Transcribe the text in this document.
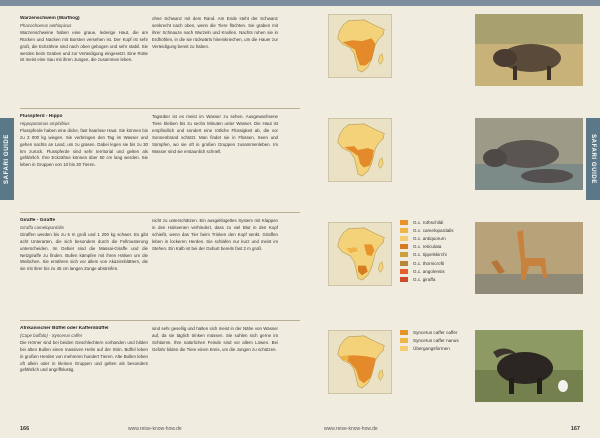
SAFARI GUIDE
Warzenschwein (Warthog)
Phacochoerus aethiopicus
Warzenschweine haben eine graue, lederige Haut, die am Rücken und Nacken mit Borsten versehen ist. Der Kopf ist sehr groß, die Eckzähne sind nach oben gebogen und sehr stabil. Sie werden beim Graben und zur Verteidigung eingesetzt. Eine Rotte ist meist eine Sau mit ihren Jungen, die zusammen leben.
ohne Schwanz mit dem Rand. Am Ende steht der Schwanz senkrecht nach oben, wenn die Tiere flüchten. Sie graben mit ihrer Schnauze nach Wurzeln und Knollen. Nachts ruhen sie in Erdhöhlen, in die sie rückwärts hineinkriechen, um die Hauer zur Verteidigung bereit zu haben.
Flusspferd - Hippo
Hippopotamus amphibius
Flusspferde haben eine dicke, fast haarlose Haut. Sie können bis zu 3 000 kg wiegen. Sie verbringen den Tag im Wasser und gehen nachts an Land, um zu grasen. Dabei legen sie bis zu 30 km zurück. Flusspferde sind sehr territorial und gelten als gefährlich. Ihre Eckzähne können über 50 cm lang werden. Sie leben in Gruppen von 10 bis 30 Tieren.
Tagsüber ist es meist im Wasser zu sehen. Ausgewachsene Tiere bleiben bis zu sechs Minuten unter Wasser. Die Haut ist empfindlich und sondert eine rötliche Flüssigkeit ab, die vor Sonnenbrand schützt. Man findet sie in Flüssen, Seen und Sümpfen, wo sie oft in großen Gruppen zusammenleben. Im Wasser sind sie erstaunlich schnell.
Giraffe - Giraffe
Giraffa camelopardalis
Giraffen werden bis zu 5 m groß und 1 200 kg schwer. Es gibt acht Unterarten, die sich besonders durch die Fellmusterung unterscheiden. Im Gebiet sind die Massai-Giraffe und die Netzgiraffe zu finden. Bullen kämpfen mit ihren Hälsen um die Weibchen. Sie ernähren sich vor allem von Akazienblättern, die sie mit ihrer bis zu 45 cm langen Zunge abstreifen.
nicht zu unterschätzen. Ein ausgeklügeltes System mit Klappen in den Halsvenen verhindert, dass zu viel Blut in den Kopf schießt, wenn das Tier beim Trinken den Kopf senkt. Giraffen leben in lockeren Herden. Sie schlafen nur kurz und meist im Stehen. Ein Kalb ist bei der Geburt bereits fast 2 m groß.
Afrikanischer Büffel oder Kaffernbüffel
(Cape buffalo) - Syncerus caffer
Die Hörner sind bei beiden Geschlechtern vorhanden und bilden bei alten Bullen einen massiven Helm auf der Stirn. Büffel leben in großen Herden von mehreren hundert Tieren. Alte Bullen leben oft allein oder in kleinen Gruppen und gelten als besonders gefährlich und angriffslustig.
sind sehr gesellig und halten sich meist in der Nähe von Wasser auf, da sie täglich trinken müssen. Sie suhlen sich gerne im Schlamm. Ihre natürlichen Feinde sind vor allem Löwen. Bei Gefahr bilden die Tiere einen Kreis, um die Jungen zu schützen.
166	www.reise-know-how.de
SAFARI GUIDE
G.c. rothschildi
G.c. camelopardalis
G.c. antiquorum
G.c. reticulata
G.c. tippelskirchi
G.c. thornicrofti
G.c. angolensis
G.c. giraffa
Syncerus caffer caffer
Syncerus caffer nanus
Übergangsformen
www.reise-know-how.de	167
